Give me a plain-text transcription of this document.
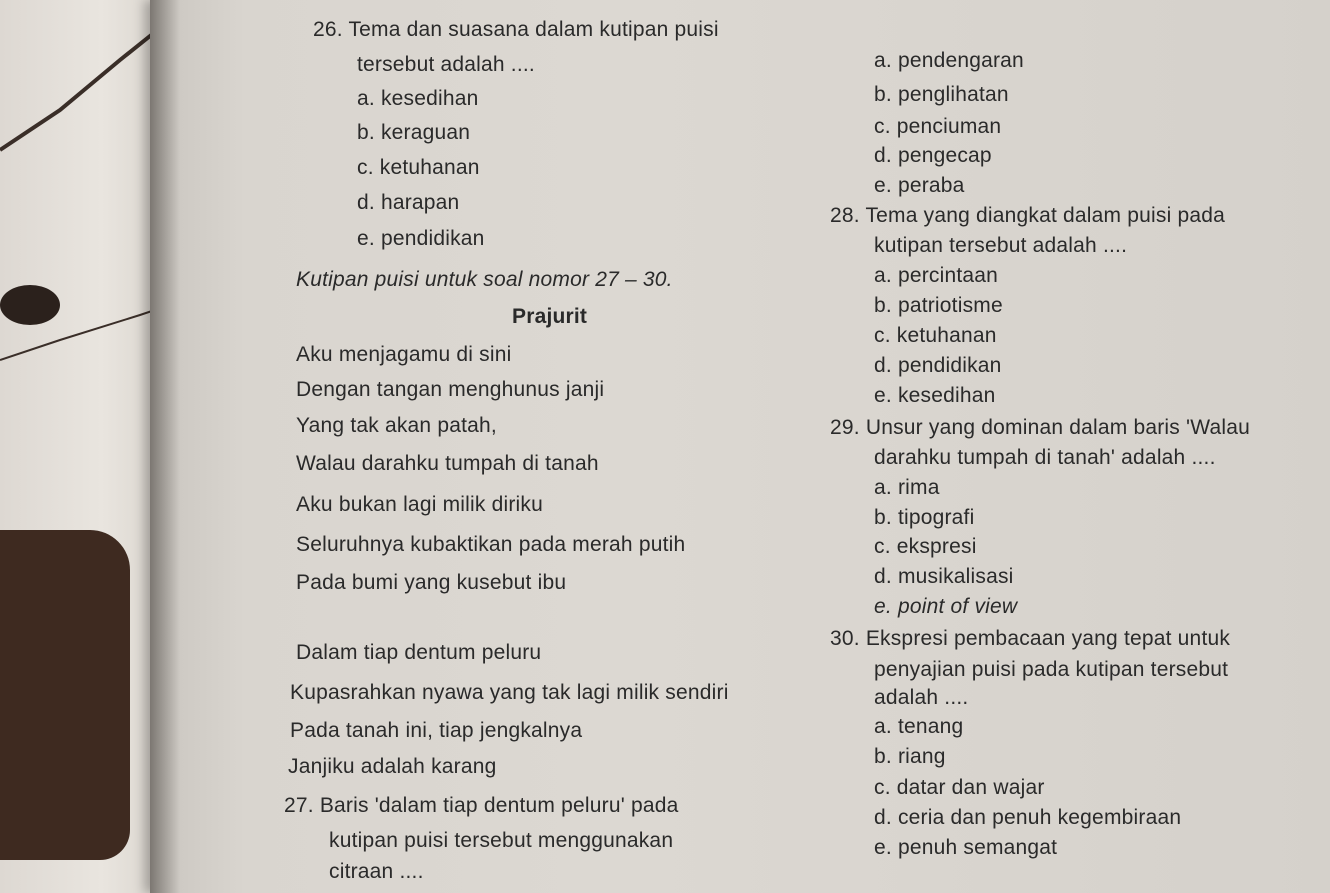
26. Tema dan suasana dalam kutipan puisi
tersebut adalah ....
a. kesedihan
b. keraguan
c. ketuhanan
d. harapan
e. pendidikan
Kutipan puisi untuk soal nomor 27 – 30.
Prajurit
Aku menjagamu di sini
Dengan tangan menghunus janji
Yang tak akan patah,
Walau darahku tumpah di tanah
Aku bukan lagi milik diriku
Seluruhnya kubaktikan pada merah putih
Pada bumi yang kusebut ibu
Dalam tiap dentum peluru
Kupasrahkan nyawa yang tak lagi milik sendiri
Pada tanah ini, tiap jengkalnya
Janjiku adalah karang
27. Baris 'dalam tiap dentum peluru' pada
kutipan puisi tersebut menggunakan
citraan ....
a. pendengaran
b. penglihatan
c. penciuman
d. pengecap
e. peraba
28. Tema yang diangkat dalam puisi pada
kutipan tersebut adalah ....
a. percintaan
b. patriotisme
c. ketuhanan
d. pendidikan
e. kesedihan
29. Unsur yang dominan dalam baris 'Walau
darahku tumpah di tanah' adalah ....
a. rima
b. tipografi
c. ekspresi
d. musikalisasi
e. point of view
30. Ekspresi pembacaan yang tepat untuk
penyajian puisi pada kutipan tersebut
adalah ....
a. tenang
b. riang
c. datar dan wajar
d. ceria dan penuh kegembiraan
e. penuh semangat
